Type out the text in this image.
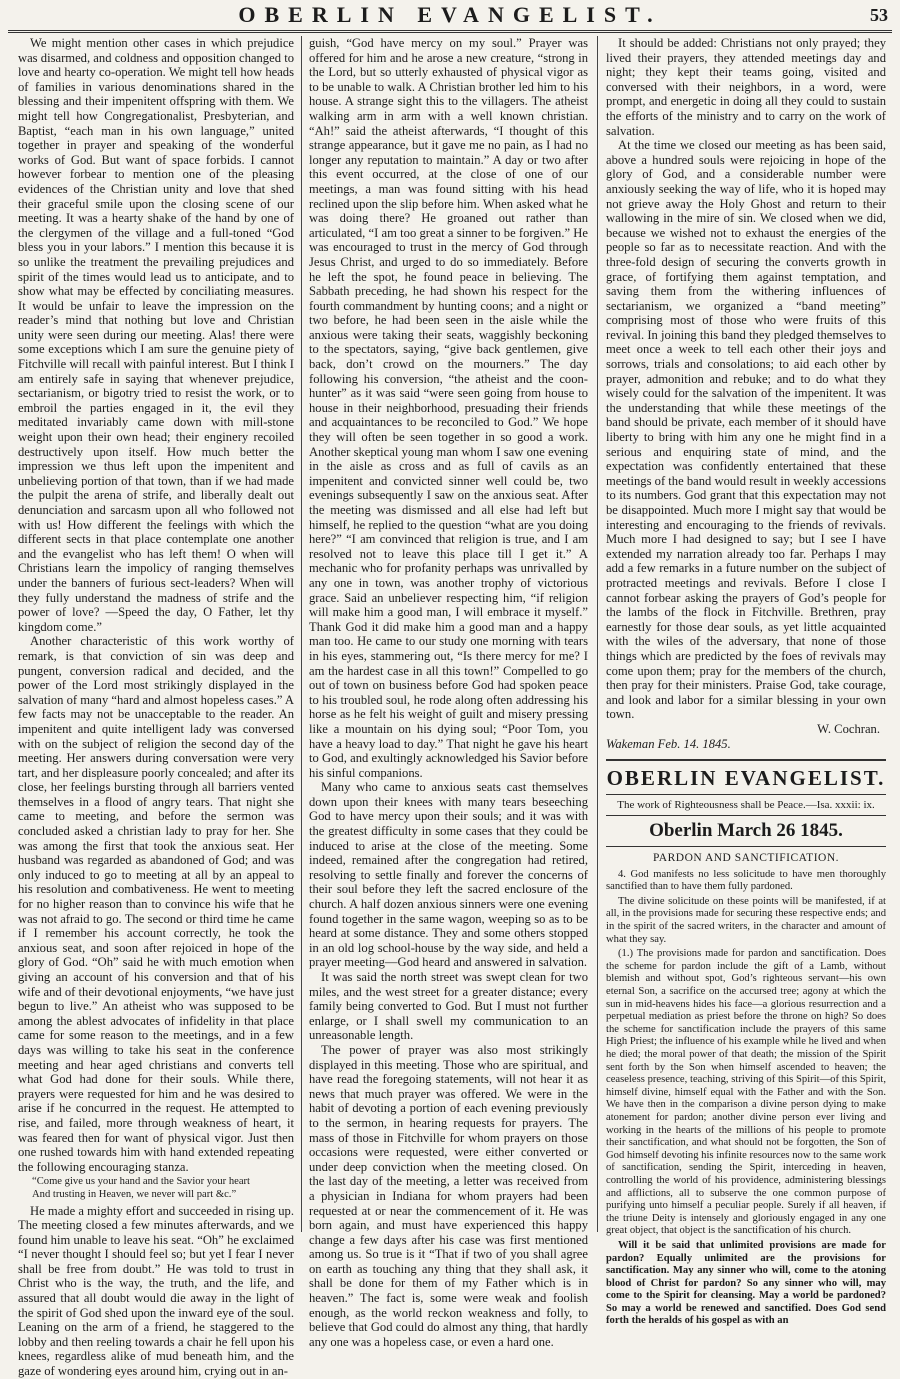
OBERLIN EVANGELIST.	53

We might mention other cases in which prejudice was disarmed, and coldness and opposition changed to love and hearty co-operation. We might tell how heads of families in various denominations shared in the blessing and their impenitent offspring with them. We might tell how Congregationalist, Presbyterian, and Baptist, “each man in his own language,” united together in prayer and speaking of the wonderful works of God. But want of space forbids. I cannot however forbear to mention one of the pleasing evidences of the Christian unity and love that shed their graceful smile upon the closing scene of our meeting. It was a hearty shake of the hand by one of the clergymen of the village and a full-toned “God bless you in your labors.” I mention this because it is so unlike the treatment the prevailing prejudices and spirit of the times would lead us to anticipate, and to show what may be effected by conciliating measures. It would be unfair to leave the impression on the reader’s mind that nothing but love and Christian unity were seen during our meeting. Alas! there were some exceptions which I am sure the genuine piety of Fitchville will recall with painful interest. But I think I am entirely safe in saying that whenever prejudice, sectarianism, or bigotry tried to resist the work, or to embroil the parties engaged in it, the evil they meditated invariably came down with mill-stone weight upon their own head; their enginery recoiled destructively upon itself. How much better the impression we thus left upon the impenitent and unbelieving portion of that town, than if we had made the pulpit the arena of strife, and liberally dealt out denunciation and sarcasm upon all who followed not with us! How different the feelings with which the different sects in that place contemplate one another and the evangelist who has left them! O when will Christians learn the impolicy of ranging themselves under the banners of furious sect-leaders? When will they fully understand the madness of strife and the power of love? —Speed the day, O Father, let thy kingdom come.”

Another characteristic of this work worthy of remark, is that conviction of sin was deep and pungent, conversion radical and decided, and the power of the Lord most strikingly displayed in the salvation of many “hard and almost hopeless cases.” A few facts may not be unacceptable to the reader. An impenitent and quite intelligent lady was conversed with on the subject of religion the second day of the meeting. Her answers during conversation were very tart, and her displeasure poorly concealed; and after its close, her feelings bursting through all barriers vented themselves in a flood of angry tears. That night she came to meeting, and before the sermon was concluded asked a christian lady to pray for her. She was among the first that took the anxious seat. Her husband was regarded as abandoned of God; and was only induced to go to meeting at all by an appeal to his resolution and combativeness. He went to meeting for no higher reason than to convince his wife that he was not afraid to go. The second or third time he came if I remember his account correctly, he took the anxious seat, and soon after rejoiced in hope of the glory of God. “Oh” said he with much emotion when giving an account of his conversion and that of his wife and of their devotional enjoyments, “we have just begun to live.” An atheist who was supposed to be among the ablest advocates of infidelity in that place came for some reason to the meetings, and in a few days was willing to take his seat in the conference meeting and hear aged christians and converts tell what God had done for their souls. While there, prayers were requested for him and he was desired to arise if he concurred in the request. He attempted to rise, and failed, more through weakness of heart, it was feared then for want of physical vigor. Just then one rushed towards him with hand extended repeating the following encouraging stanza.

“Come give us your hand and the Savior your heart
And trusting in Heaven, we never will part &c.”

He made a mighty effort and succeeded in rising up. The meeting closed a few minutes afterwards, and we found him unable to leave his seat. “Oh” he exclaimed “I never thought I should feel so; but yet I fear I never shall be free from doubt.” He was told to trust in Christ who is the way, the truth, and the life, and assured that all doubt would die away in the light of the spirit of God shed upon the inward eye of the soul. Leaning on the arm of a friend, he staggered to the lobby and then reeling towards a chair he fell upon his knees, regardless alike of mud beneath him, and the gaze of wondering eyes around him, crying out in an-

guish, “God have mercy on my soul.” Prayer was offered for him and he arose a new creature, “strong in the Lord, but so utterly exhausted of physical vigor as to be unable to walk. A Christian brother led him to his house. A strange sight this to the villagers. The atheist walking arm in arm with a well known christian. “Ah!” said the atheist afterwards, “I thought of this strange appearance, but it gave me no pain, as I had no longer any reputation to maintain.” A day or two after this event occurred, at the close of one of our meetings, a man was found sitting with his head reclined upon the slip before him. When asked what he was doing there? He groaned out rather than articulated, “I am too great a sinner to be forgiven.” He was encouraged to trust in the mercy of God through Jesus Christ, and urged to do so immediately. Before he left the spot, he found peace in believing. The Sabbath preceding, he had shown his respect for the fourth commandment by hunting coons; and a night or two before, he had been seen in the aisle while the anxious were taking their seats, waggishly beckoning to the spectators, saying, “give back gentlemen, give back, don’t crowd on the mourners.” The day following his conversion, “the atheist and the coon-hunter” as it was said “were seen going from house to house in their neighborhood, presuading their friends and acquaintances to be reconciled to God.” We hope they will often be seen together in so good a work. Another skeptical young man whom I saw one evening in the aisle as cross and as full of cavils as an impenitent and convicted sinner well could be, two evenings subsequently I saw on the anxious seat. After the meeting was dismissed and all else had left but himself, he replied to the question “what are you doing here?” “I am convinced that religion is true, and I am resolved not to leave this place till I get it.” A mechanic who for profanity perhaps was unrivalled by any one in town, was another trophy of victorious grace. Said an unbeliever respecting him, “if religion will make him a good man, I will embrace it myself.” Thank God it did make him a good man and a happy man too. He came to our study one morning with tears in his eyes, stammering out, “Is there mercy for me? I am the hardest case in all this town!” Compelled to go out of town on business before God had spoken peace to his troubled soul, he rode along often addressing his horse as he felt his weight of guilt and misery pressing like a mountain on his dying soul; “Poor Tom, you have a heavy load to day.” That night he gave his heart to God, and exultingly acknowledged his Savior before his sinful companions.

Many who came to anxious seats cast themselves down upon their knees with many tears beseeching God to have mercy upon their souls; and it was with the greatest difficulty in some cases that they could be induced to arise at the close of the meeting. Some indeed, remained after the congregation had retired, resolving to settle finally and forever the concerns of their soul before they left the sacred enclosure of the church. A half dozen anxious sinners were one evening found together in the same wagon, weeping so as to be heard at some distance. They and some others stopped in an old log school-house by the way side, and held a prayer meeting—God heard and answered in salvation.

It was said the north street was swept clean for two miles, and the west street for a greater distance; every family being converted to God. But I must not further enlarge, or I shall swell my communication to an unreasonable length.

The power of prayer was also most strikingly displayed in this meeting. Those who are spiritual, and have read the foregoing statements, will not hear it as news that much prayer was offered. We were in the habit of devoting a portion of each evening previously to the sermon, in hearing requests for prayers. The mass of those in Fitchville for whom prayers on those occasions were requested, were either converted or under deep conviction when the meeting closed. On the last day of the meeting, a letter was received from a physician in Indiana for whom prayers had been requested at or near the commencement of it. He was born again, and must have experienced this happy change a few days after his case was first mentioned among us. So true is it “That if two of you shall agree on earth as touching any thing that they shall ask, it shall be done for them of my Father which is in heaven.” The fact is, some were weak and foolish enough, as the world reckon weakness and folly, to believe that God could do almost any thing, that hardly any one was a hopeless case, or even a hard one.

It should be added: Christians not only prayed; they lived their prayers, they attended meetings day and night; they kept their teams going, visited and conversed with their neighbors, in a word, were prompt, and energetic in doing all they could to sustain the efforts of the ministry and to carry on the work of salvation.

At the time we closed our meeting as has been said, above a hundred souls were rejoicing in hope of the glory of God, and a considerable number were anxiously seeking the way of life, who it is hoped may not grieve away the Holy Ghost and return to their wallowing in the mire of sin. We closed when we did, because we wished not to exhaust the energies of the people so far as to necessitate reaction. And with the three-fold design of securing the converts growth in grace, of fortifying them against temptation, and saving them from the withering influences of sectarianism, we organized a “band meeting” comprising most of those who were fruits of this revival. In joining this band they pledged themselves to meet once a week to tell each other their joys and sorrows, trials and consolations; to aid each other by prayer, admonition and rebuke; and to do what they wisely could for the salvation of the impenitent. It was the understanding that while these meetings of the band should be private, each member of it should have liberty to bring with him any one he might find in a serious and enquiring state of mind, and the expectation was confidently entertained that these meetings of the band would result in weekly accessions to its numbers. God grant that this expectation may not be disappointed. Much more I might say that would be interesting and encouraging to the friends of revivals. Much more I had designed to say; but I see I have extended my narration already too far. Perhaps I may add a few remarks in a future number on the subject of protracted meetings and revivals. Before I close I cannot forbear asking the prayers of God’s people for the lambs of the flock in Fitchville. Brethren, pray earnestly for those dear souls, as yet little acquainted with the wiles of the adversary, that none of those things which are predicted by the foes of revivals may come upon them; pray for the members of the church, then pray for their ministers. Praise God, take courage, and look and labor for a similar blessing in your own town.

W. Cochran.

Wakeman Feb. 14. 1845.

OBERLIN EVANGELIST.
The work of Righteousness shall be Peace.—Isa. xxxii: ix.
Oberlin March 26 1845.
PARDON AND SANCTIFICATION.

4. God manifests no less solicitude to have men thoroughly sanctified than to have them fully pardoned.

The divine solicitude on these points will be manifested, if at all, in the provisions made for securing these respective ends; and in the spirit of the sacred writers, in the character and amount of what they say.

(1.) The provisions made for pardon and sanctification. Does the scheme for pardon include the gift of a Lamb, without blemish and without spot, God’s righteous servant—his own eternal Son, a sacrifice on the accursed tree; agony at which the sun in mid-heavens hides his face—a glorious resurrection and a perpetual mediation as priest before the throne on high? So does the scheme for sanctification include the prayers of this same High Priest; the influence of his example while he lived and when he died; the moral power of that death; the mission of the Spirit sent forth by the Son when himself ascended to heaven; the ceaseless presence, teaching, striving of this Spirit—of this Spirit, himself divine, himself equal with the Father and with the Son. We have then in the comparison a divine person dying to make atonement for pardon; another divine person ever living and working in the hearts of the millions of his people to promote their sanctification, and what should not be forgotten, the Son of God himself devoting his infinite resources now to the same work of sanctification, sending the Spirit, interceding in heaven, controlling the world of his providence, administering blessings and afflictions, all to subserve the one common purpose of purifying unto himself a peculiar people. Surely if all heaven, if the triune Deity is intensely and gloriously engaged in any one great object, that object is the sanctification of his church.

Will it be said that unlimited provisions are made for pardon? Equally unlimited are the provisions for sanctification. May any sinner who will, come to the atoning blood of Christ for pardon? So any sinner who will, may come to the Spirit for cleansing. May a world be pardoned? So may a world be renewed and sanctified. Does God send forth the heralds of his gospel as with an
